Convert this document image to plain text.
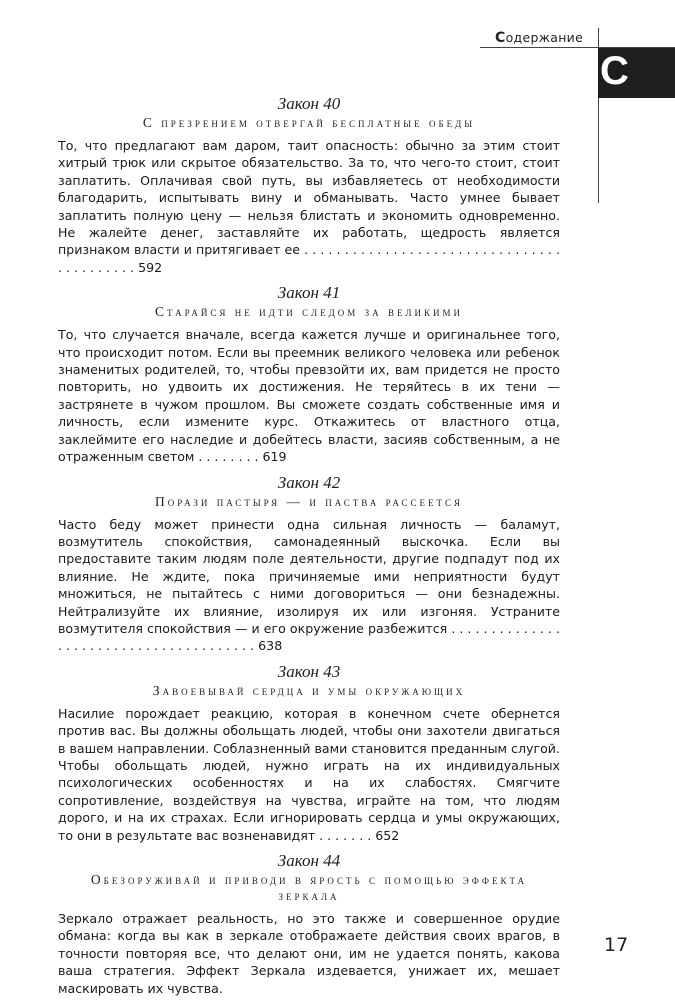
Содержание
С

Закон 40

С презрением отвергай бесплатные обеды

То, что предлагают вам даром, таит опасность: обычно за этим стоит хитрый трюк или скрытое обязательство. За то, что чего-то стоит, стоит заплатить. Оплачивая свой путь, вы избавляетесь от необходимости благодарить, испытывать вину и обманывать. Часто умнее бывает заплатить полную цену — нельзя блистать и экономить одновременно. Не жалейте денег, заставляйте их работать, щедрость является признаком власти и притягивает ее . . . . . . . . . . . . . . . . . . . . . . . . . . . . . . . . . . . . . . . . . . 592

Закон 41

Старайся не идти следом за великими

То, что случается вначале, всегда кажется лучше и оригинальнее того, что происходит потом. Если вы преемник великого человека или ребенок знаменитых родителей, то, чтобы превзойти их, вам придется не просто повторить, но удвоить их достижения. Не теряйтесь в их тени — застрянете в чужом прошлом. Вы сможете создать собственные имя и личность, если измените курс. Откажитесь от властного отца, заклеймите его наследие и добейтесь власти, засияв собственным, а не отраженным светом . . . . . . . . 619

Закон 42

Порази пастыря — и паства рассеется

Часто беду может принести одна сильная личность — баламут, возмутитель спокойствия, самонадеянный выскочка. Если вы предоставите таким людям поле деятельности, другие подпадут под их влияние. Не ждите, пока причиняемые ими неприятности будут множиться, не пытайтесь с ними договориться — они безнадежны. Нейтрализуйте их влияние, изолируя их или изгоняя. Устраните возмутителя спокойствия — и его окружение разбежится . . . . . . . . . . . . . . . . . . . . . . . . . . . . . . . . . . . . . . . 638

Закон 43

Завоевывай сердца и умы окружающих

Насилие порождает реакцию, которая в конечном счете обернется против вас. Вы должны обольщать людей, чтобы они захотели двигаться в вашем направлении. Соблазненный вами становится преданным слугой. Чтобы обольщать людей, нужно играть на их индивидуальных психологических особенностях и на их слабостях. Смягчите сопротивление, воздействуя на чувства, играйте на том, что людям дорого, и на их страхах. Если игнорировать сердца и умы окружающих, то они в результате вас возненавидят . . . . . . . 652

Закон 44

Обезоруживай и приводи в ярость с помощью эффекта зеркала

Зеркало отражает реальность, но это также и совершенное орудие обмана: когда вы как в зеркале отображаете действия своих врагов, в точности повторяя все, что делают они, им не удается понять, какова ваша стратегия. Эффект Зеркала издевается, унижает их, мешает маскировать их чувства.

17
